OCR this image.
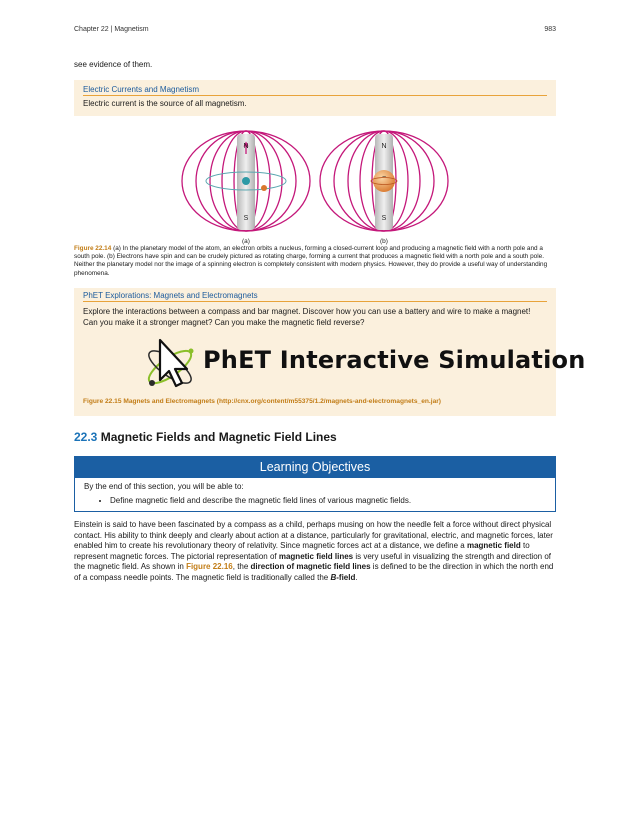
Chapter 22 | Magnetism	983
see evidence of them.
Electric Currents and Magnetism
Electric current is the source of all magnetism.
N
S
(a)
−
N
S
(b)
Figure 22.14 (a) In the planetary model of the atom, an electron orbits a nucleus, forming a closed-current loop and producing a magnetic field with a north pole and a south pole. (b) Electrons have spin and can be crudely pictured as rotating charge, forming a current that produces a magnetic field with a north pole and a south pole. Neither the planetary model nor the image of a spinning electron is completely consistent with modern physics. However, they do provide a useful way of understanding phenomena.
PhET Explorations: Magnets and Electromagnets
Explore the interactions between a compass and bar magnet. Discover how you can use a battery and wire to make a magnet! Can you make it a stronger magnet? Can you make the magnetic field reverse?
Figure 22.15 Magnets and Electromagnets (http://cnx.org/content/m55375/1.2/magnets-and-electromagnets_en.jar)
PhET Interactive Simulation
22.3 Magnetic Fields and Magnetic Field Lines
Learning Objectives
By the end of this section, you will be able to:
• Define magnetic field and describe the magnetic field lines of various magnetic fields.
Einstein is said to have been fascinated by a compass as a child, perhaps musing on how the needle felt a force without direct physical contact. His ability to think deeply and clearly about action at a distance, particularly for gravitational, electric, and magnetic forces, later enabled him to create his revolutionary theory of relativity. Since magnetic forces act at a distance, we define a magnetic field to represent magnetic forces. The pictorial representation of magnetic field lines is very useful in visualizing the strength and direction of the magnetic field. As shown in Figure 22.16, the direction of magnetic field lines is defined to be the direction in which the north end of a compass needle points. The magnetic field is traditionally called the B-field.
